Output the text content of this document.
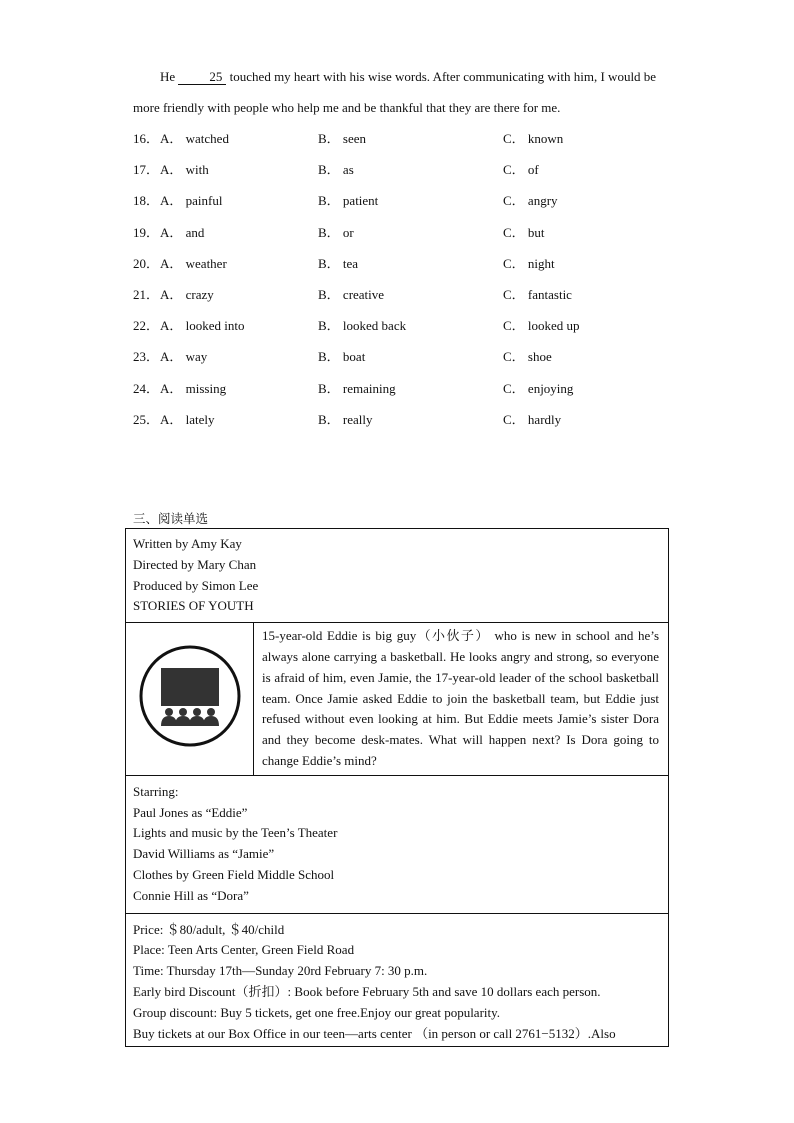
He	25 touched my heart with his wise words. After communicating with him, I would be more friendly with people who help me and be thankful that they are there for me.
16． A． watched	B． seen	C． known
17． A． with	B． as	C． of
18． A． painful	B． patient	C． angry
19． A． and	B． or	C． but
20． A． weather	B． tea	C． night
21． A． crazy	B． creative	C． fantastic
22． A． looked into	B． looked back	C． looked up
23． A． way	B． boat	C． shoe
24． A． missing	B． remaining	C． enjoying
25． A． lately	B． really	C． hardly
三、阅读单选
Written by Amy Kay
Directed by Mary Chan
Produced by Simon Lee
STORIES OF YOUTH

	15-year-old Eddie is big guy（小伙子） who is new in school and he’s always alone carrying a basketball. He looks angry and strong, so everyone is afraid of him, even Jamie, the 17-year-old leader of the school basketball team. Once Jamie asked Eddie to join the basketball team, but Eddie just refused without even looking at him. But Eddie meets Jamie’s sister Dora and they become desk-mates. What will happen next? Is Dora going to change Eddie’s mind?

Starring:
Paul Jones as “Eddie”
Lights and music by the Teen’s Theater
David Williams as “Jamie”
Clothes by Green Field Middle School
Connie Hill as “Dora”

Price: ＄80/adult, ＄40/child
Place: Teen Arts Center, Green Field Road
Time: Thursday 17th—Sunday 20rd February 7: 30 p.m.
Early bird Discount（折扣）: Book before February 5th and save 10 dollars each person.
Group discount: Buy 5 tickets, get one free.Enjoy our great popularity.
Buy tickets at our Box Office in our teen—arts center （in person or call 2761−5132）.Also
